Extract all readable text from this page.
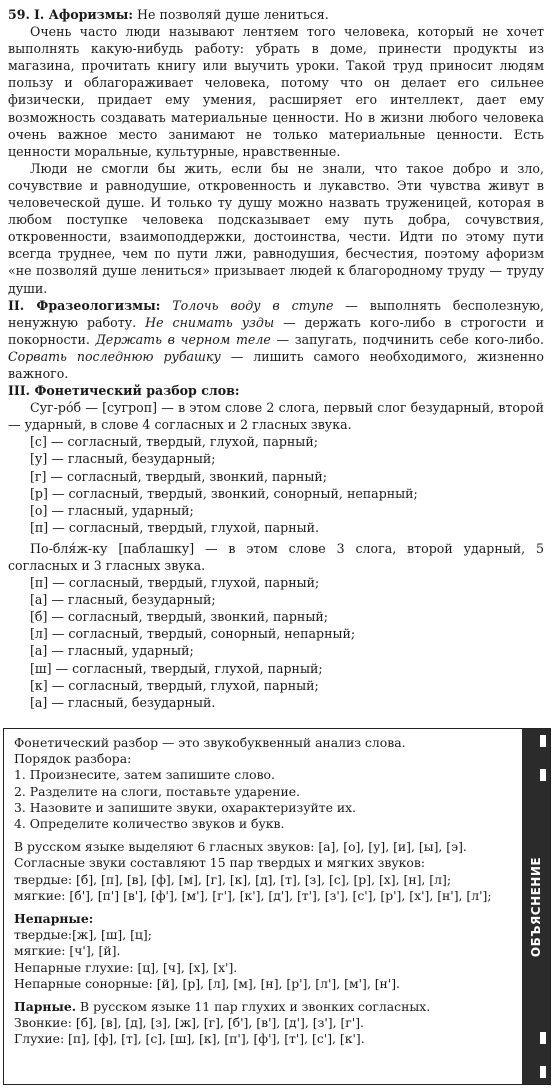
59. I. Афоризмы: Не позволяй душе лениться.

Очень часто люди называют лентяем того человека, который не хочет выполнять какую-нибудь работу: убрать в доме, принести продукты из магазина, прочитать книгу или выучить уроки. Такой труд приносит людям пользу и облагораживает человека, потому что он делает его сильнее физически, придает ему умения, расширяет его интеллект, дает ему возможность создавать материальные ценности. Но в жизни любого человека очень важное место занимают не только материальные ценности. Есть ценности моральные, культурные, нравственные.

Люди не смогли бы жить, если бы не знали, что такое добро и зло, сочувствие и равнодушие, откровенность и лукавство. Эти чувства живут в человеческой душе. И только ту душу можно назвать труженицей, которая в любом поступке человека подсказывает ему путь добра, сочувствия, откровенности, взаимоподдержки, достоинства, чести. Идти по этому пути всегда труднее, чем по пути лжи, равнодушия, бесчестия, поэтому афоризм «не позволяй душе лениться» призывает людей к благородному труду — труду души.

II. Фразеологизмы: Толочь воду в ступе — выполнять бесполезную, ненужную работу. Не снимать узды — держать кого-либо в строгости и покорности. Держать в черном теле — запугать, подчинить себе кого-либо. Сорвать последнюю рубашку — лишить самого необходимого, жизненно важного.

III. Фонетический разбор слов:

Суг-рόб — [сугроп] — в этом слове 2 слога, первый слог безударный, второй — ударный, в слове 4 согласных и 2 гласных звука.

[с] — согласный, твердый, глухой, парный;
[у] — гласный, безударный;
[г] — согласный, твердый, звонкий, парный;
[р] — согласный, твердый, звонкий, сонорный, непарный;
[о] — гласный, ударный;
[п] — согласный, твердый, глухой, парный.

По-бля́ж-ку [паблашку] — в этом слове 3 слога, второй ударный, 5 согласных и 3 гласных звука.

[п] — согласный, твердый, глухой, парный;
[а] — гласный, безударный;
[б] — согласный, твердый, звонкий, парный;
[л] — согласный, твердый, сонорный, непарный;
[а] — гласный, ударный;
[ш] — согласный, твердый, глухой, парный;
[к] — согласный, твердый, глухой, парный;
[а] — гласный, безударный.

Фонетический разбор — это звукобуквенный анализ слова.

Порядок разбора:

1. Произнесите, затем запишите слово.

2. Разделите на слоги, поставьте ударение.

3. Назовите и запишите звуки, охарактеризуйте их.

4. Определите количество звуков и букв.

В русском языке выделяют 6 гласных звуков: [а], [о], [у], [и], [ы], [э].

Согласные звуки составляют 15 пар твердых и мягких звуков:

твердые: [б], [п], [в], [ф], [м], [г], [к], [д], [т], [з], [с], [р], [х], [н], [л];

мягкие: [б'], [п'] [в'], [ф'], [м'], [г'], [к'], [д'], [т'], [з'], [с'], [р'], [х'], [н'], [л'];

Непарные:

твердые:[ж], [ш], [ц];

мягкие: [ч'], [й].

Непарные глухие: [ц], [ч], [х], [х'].

Непарные сонорные: [й], [р], [л], [м], [н], [р'], [л'], [м'], [н'].

Парные. В русском языке 11 пар глухих и звонких согласных.

Звонкие: [б], [в], [д], [з], [ж], [г], [б'], [в'], [д'], [з'], [г'].

Глухие: [п], [ф], [т], [с], [ш], [к], [п'], [ф'], [т'], [с'], [к'].

ОБЪЯСНЕНИЕ
